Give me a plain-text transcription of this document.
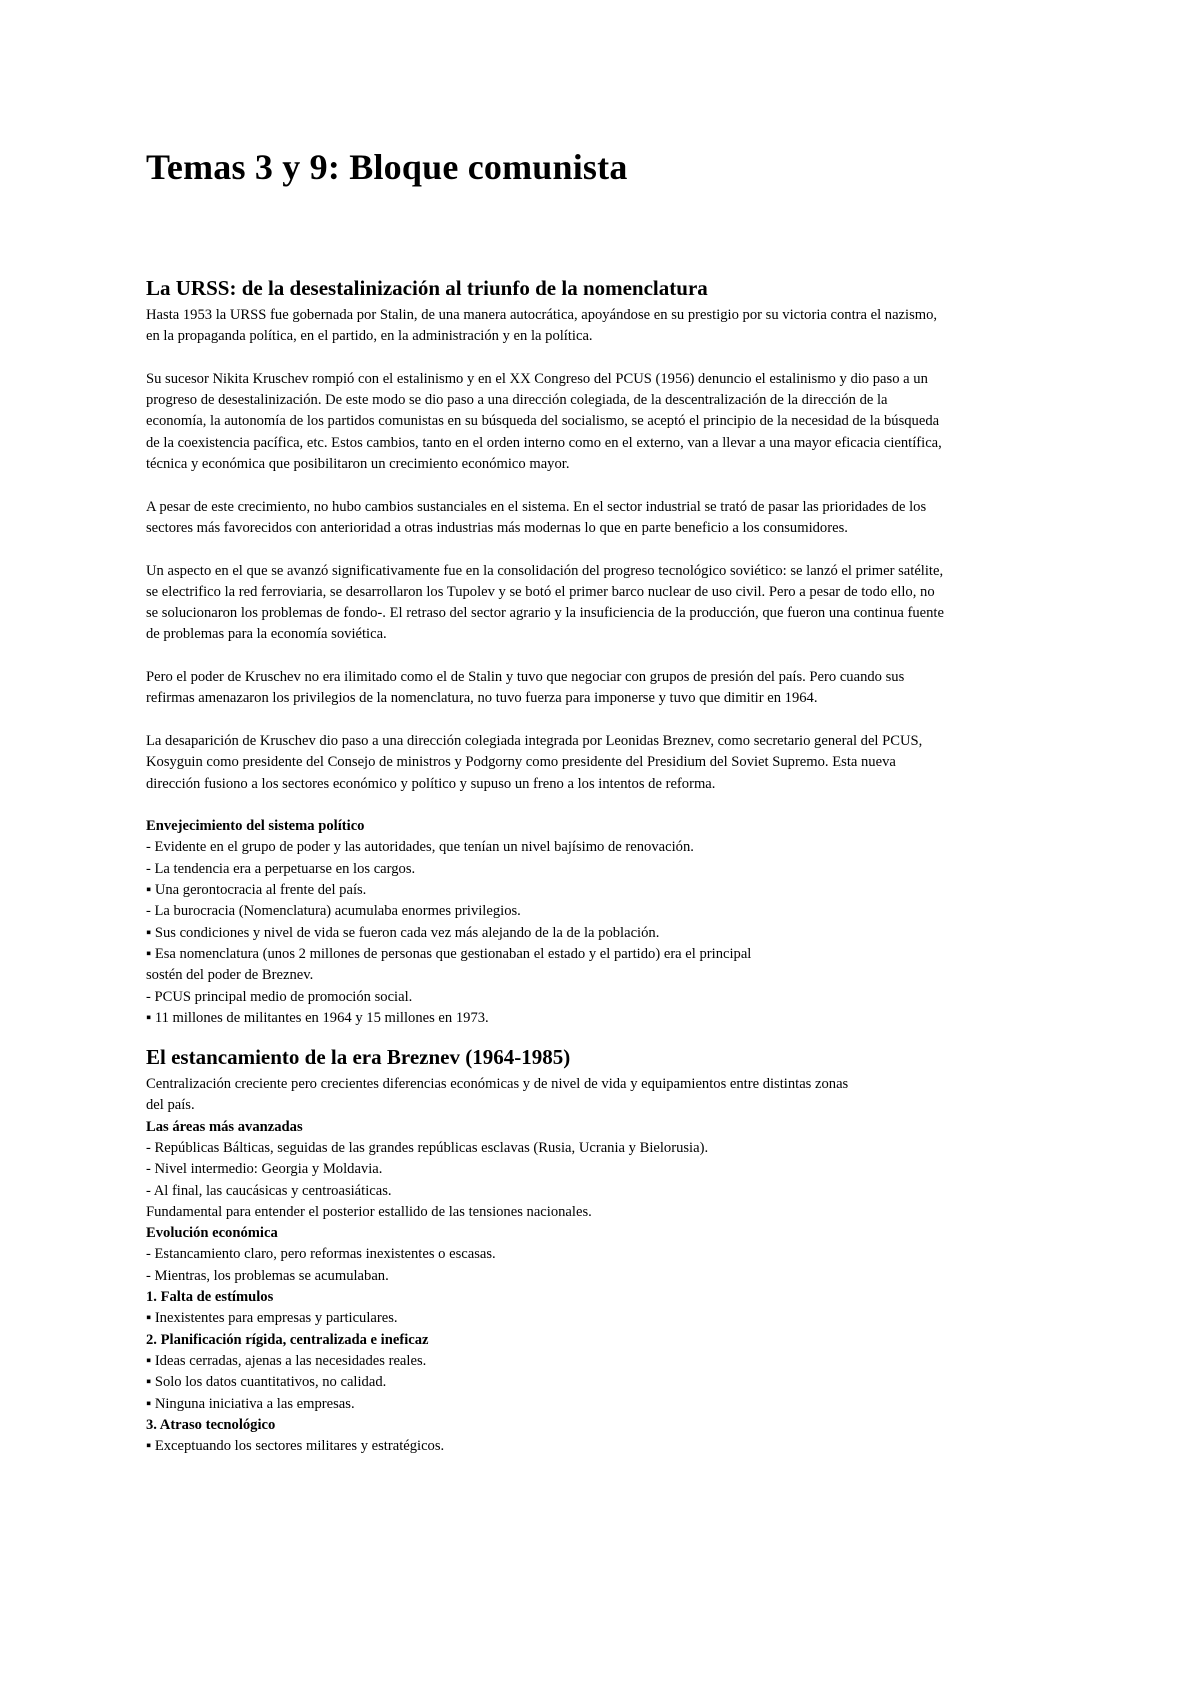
Temas 3 y 9: Bloque comunista
La URSS: de la desestalinización al triunfo de la nomenclatura

Hasta 1953 la URSS fue gobernada por Stalin, de una manera autocrática, apoyándose en su prestigio por su victoria contra el nazismo, en la propaganda política, en el partido, en la administración y en la política.

Su sucesor Nikita Kruschev rompió con el estalinismo y en el XX Congreso del PCUS (1956) denuncio el estalinismo y dio paso a un progreso de desestalinización. De este modo se dio paso a una dirección colegiada, de la descentralización de la dirección de la economía, la autonomía de los partidos comunistas en su búsqueda del socialismo, se aceptó el principio de la necesidad de la búsqueda de la coexistencia pacífica, etc. Estos cambios, tanto en el orden interno como en el externo, van a llevar a una mayor eficacia científica, técnica y económica que posibilitaron un crecimiento económico mayor.

A pesar de este crecimiento, no hubo cambios sustanciales en el sistema. En el sector industrial se trató de pasar las prioridades de los sectores más favorecidos con anterioridad a otras industrias más modernas lo que en parte beneficio a los consumidores.

Un aspecto en el que se avanzó significativamente fue en la consolidación del progreso tecnológico soviético: se lanzó el primer satélite, se electrifico la red ferroviaria, se desarrollaron los Tupolev y se botó el primer barco nuclear de uso civil. Pero a pesar de todo ello, no se solucionaron los problemas de fondo-. El retraso del sector agrario y la insuficiencia de la producción, que fueron una continua fuente de problemas para la economía soviética.

Pero el poder de Kruschev no era ilimitado como el de Stalin y tuvo que negociar con grupos de presión del país. Pero cuando sus refirmas amenazaron los privilegios de la nomenclatura, no tuvo fuerza para imponerse y tuvo que dimitir en 1964.

La desaparición de Kruschev dio paso a una dirección colegiada integrada por Leonidas Breznev, como secretario general del PCUS, Kosyguin como presidente del Consejo de ministros y Podgorny como presidente del Presidium del Soviet Supremo. Esta nueva dirección fusiono a los sectores económico y político y supuso un freno a los intentos de reforma.

Envejecimiento del sistema político
- Evidente en el grupo de poder y las autoridades, que tenían un nivel bajísimo de renovación.
- La tendencia era a perpetuarse en los cargos.
▪ Una gerontocracia al frente del país.
- La burocracia (Nomenclatura) acumulaba enormes privilegios.
▪ Sus condiciones y nivel de vida se fueron cada vez más alejando de la de la población.
▪ Esa nomenclatura (unos 2 millones de personas que gestionaban el estado y el partido) era el principal
sostén del poder de Breznev.
- PCUS principal medio de promoción social.
▪ 11 millones de militantes en 1964 y 15 millones en 1973.
El estancamiento de la era Breznev (1964-1985)
Centralización creciente pero crecientes diferencias económicas y de nivel de vida y equipamientos entre distintas zonas
del país.
Las áreas más avanzadas
- Repúblicas Bálticas, seguidas de las grandes repúblicas esclavas (Rusia, Ucrania y Bielorusia).
- Nivel intermedio: Georgia y Moldavia.
- Al final, las caucásicas y centroasiáticas.
Fundamental para entender el posterior estallido de las tensiones nacionales.
Evolución económica
- Estancamiento claro, pero reformas inexistentes o escasas.
- Mientras, los problemas se acumulaban.
1. Falta de estímulos
▪ Inexistentes para empresas y particulares.
2. Planificación rígida, centralizada e ineficaz
▪ Ideas cerradas, ajenas a las necesidades reales.
▪ Solo los datos cuantitativos, no calidad.
▪ Ninguna iniciativa a las empresas.
3. Atraso tecnológico
▪ Exceptuando los sectores militares y estratégicos.
